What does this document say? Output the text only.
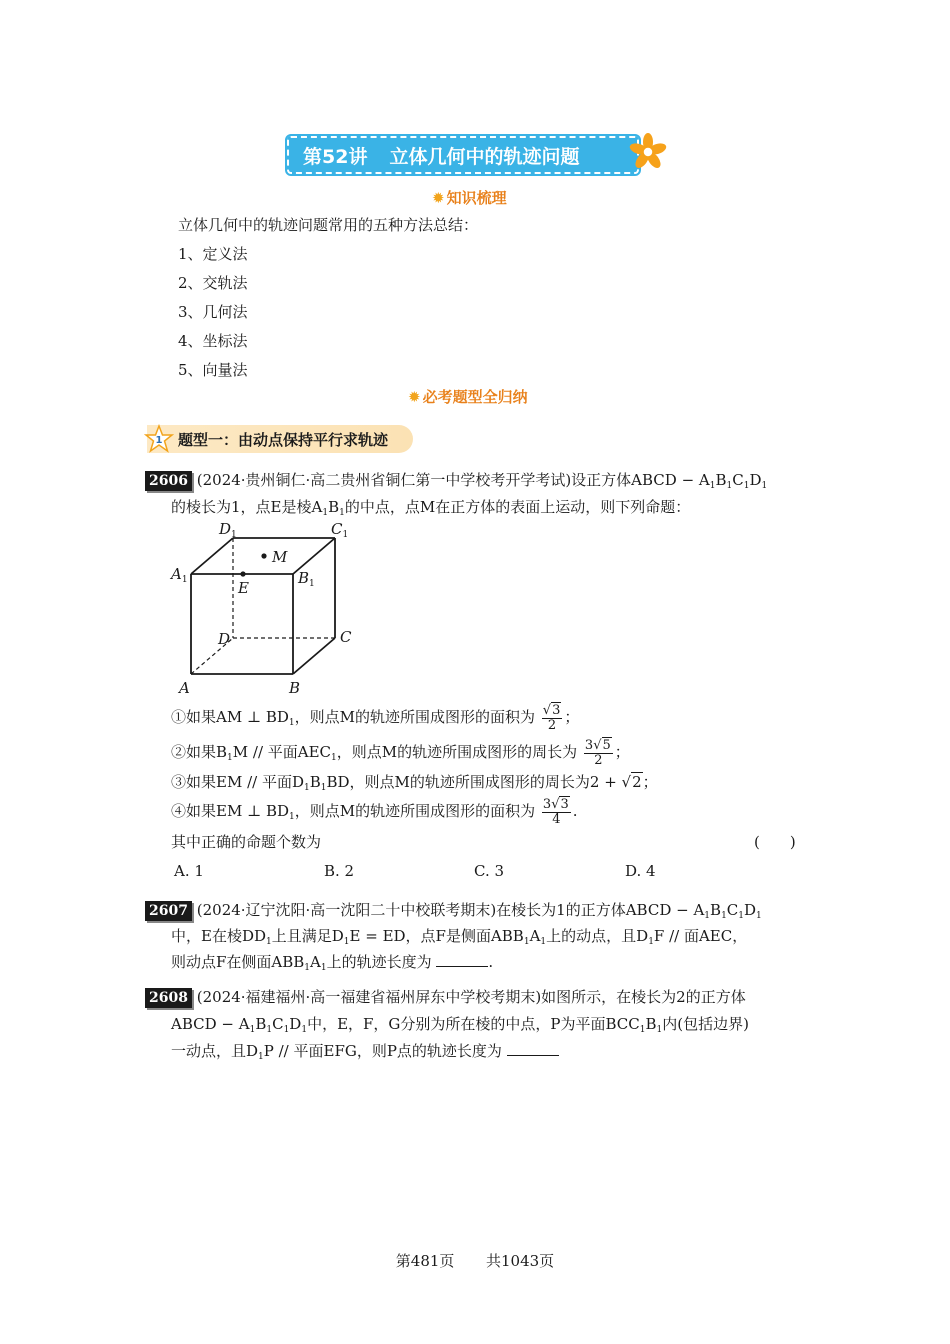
第52讲 立体几何中的轨迹问题
✹ 知识梳理
立体几何中的轨迹问题常用的五种方法总结：
1、定义法
2、交轨法
3、几何法
4、坐标法
5、向量法
✹ 必考题型全归纳
1 题型一：由动点保持平行求轨迹
2606 (2024·贵州铜仁·高二贵州省铜仁第一中学校考开学考试)设正方体ABCD − $A_1B_1C_1D_1$
的棱长为1，点E是棱$A_1B_1$的中点，点M在正方体的表面上运动，则下列命题：
$D_1$	$C_1$
M
$A_1$	E
$B_1$
D	C
A	B
①如果AM ⊥ $BD_1$，则点M的轨迹所围成图形的面积为 $\frac{√3}{2}$ ；
②如果$B_1M$ // 平面$AEC_1$，则点M的轨迹所围成图形的周长为 $\frac{3√5}{2}$ ；
③如果EM // 平面$D_1B_1BD$，则点M的轨迹所围成图形的周长为2 + √2；
④如果EM ⊥ $BD_1$，则点M的轨迹所围成图形的面积为 $\frac{3√3}{4}$ .
其中正确的命题个数为	(　　)
A. 1	B. 2	C. 3	D. 4
2607 (2024·辽宁沈阳·高一沈阳二十中校联考期末)在棱长为1的正方体ABCD − $A_1B_1C_1D_1$
中，E在棱$DD_1$上且满足$D_1E$ = ED，点F是侧面$ABB_1A_1$上的动点，且$D_1F$ // 面AEC，
则动点F在侧面$ABB_1A_1$上的轨迹长度为	.
2608 (2024·福建福州·高一福建省福州屏东中学校考期末)如图所示，在棱长为2的正方体
ABCD − $A_1B_1C_1D_1$中，E，F，G分别为所在棱的中点，P为平面$BCC_1B_1$内(包括边界)
一动点，且$D_1P$ // 平面EFG，则P点的轨迹长度为
第481页 共1043页
